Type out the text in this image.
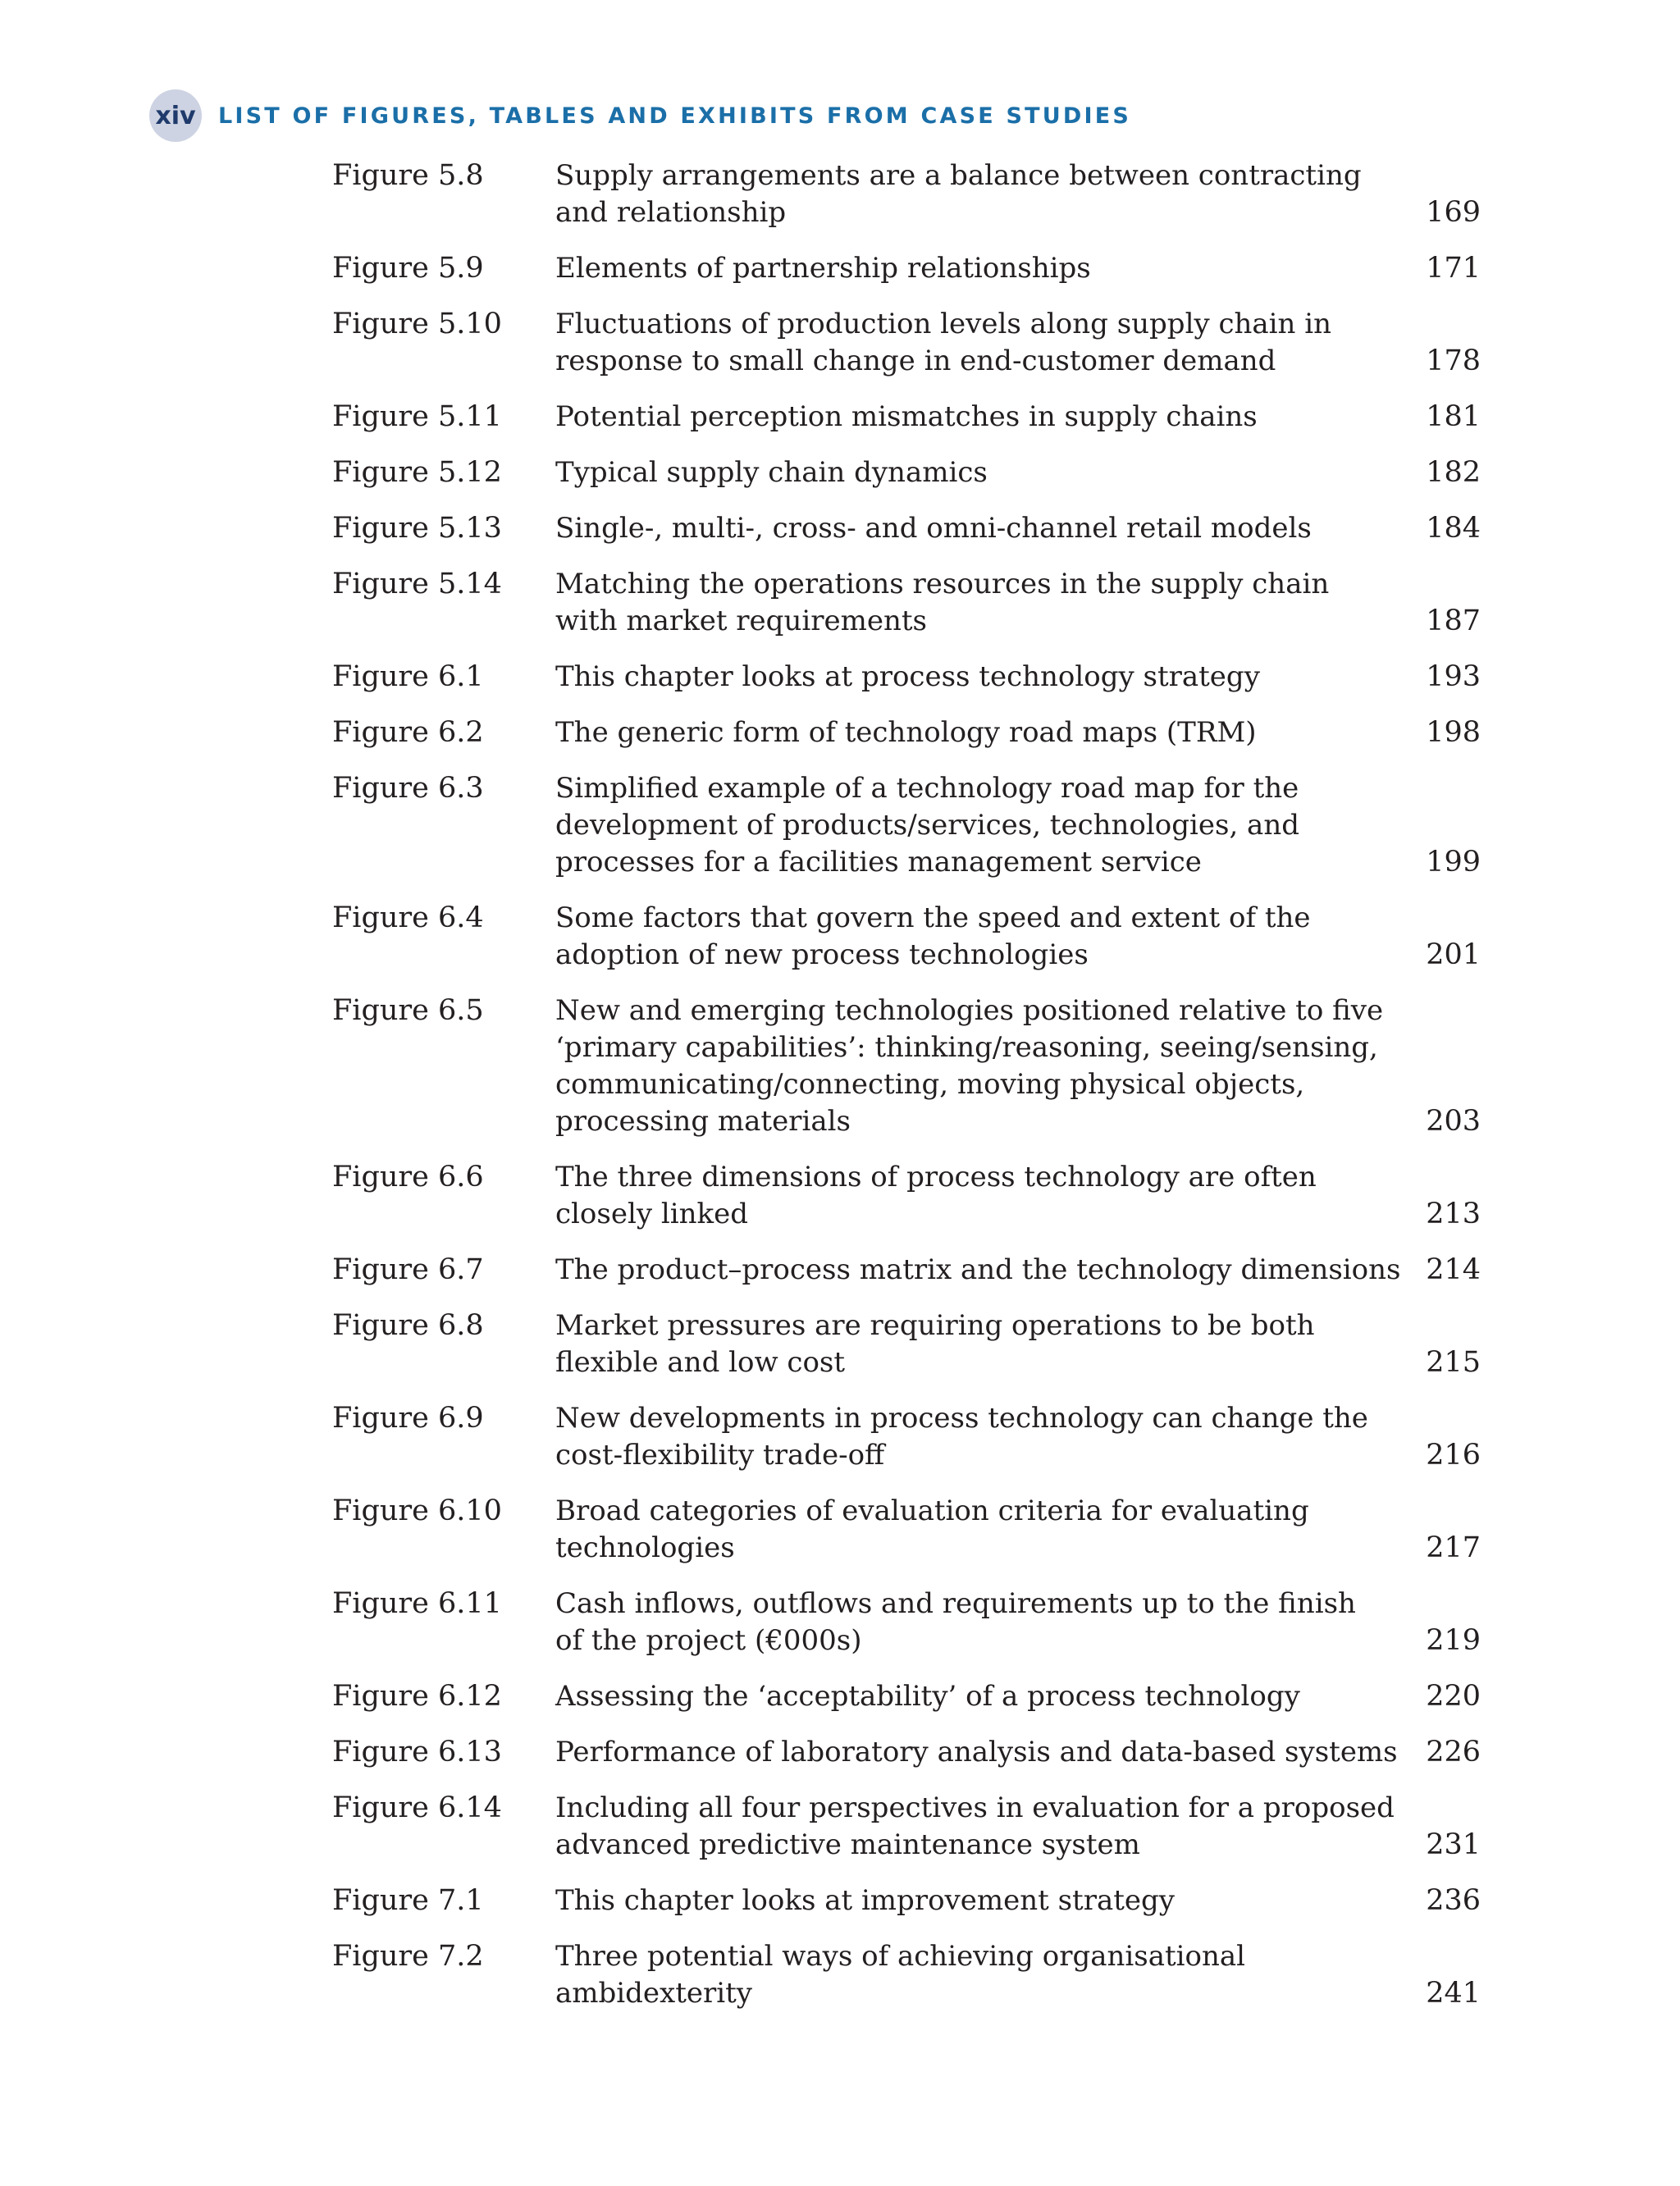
xiv LIST OF FIGURES, TABLES AND EXHIBITS FROM CASE STUDIES
Figure 5.8	Supply arrangements are a balance between contracting
and relationship	169
Figure 5.9	Elements of partnership relationships	171
Figure 5.10 Fluctuations of production levels along supply chain in
response to small change in end-customer demand	178
Figure 5.11 Potential perception mismatches in supply chains	181
Figure 5.12 Typical supply chain dynamics	182
Figure 5.13 Single-, multi-, cross- and omni-channel retail models	184
Figure 5.14 Matching the operations resources in the supply chain
with market requirements	187
Figure 6.1	This chapter looks at process technology strategy	193
Figure 6.2	The generic form of technology road maps (TRM)	198
Figure 6.3	Simplified example of a technology road map for the
development of products/services, technologies, and
processes for a facilities management service	199
Figure 6.4	Some factors that govern the speed and extent of the
adoption of new process technologies	201
Figure 6.5	New and emerging technologies positioned relative to five
‘primary capabilities’: thinking/reasoning, seeing/sensing,
communicating/connecting, moving physical objects,
processing materials	203
Figure 6.6	The three dimensions of process technology are often
closely linked	213
Figure 6.7	The product–process matrix and the technology dimensions 214
Figure 6.8	Market pressures are requiring operations to be both
flexible and low cost	215
Figure 6.9	New developments in process technology can change the
cost-flexibility trade-off	216
Figure 6.10 Broad categories of evaluation criteria for evaluating
technologies	217
Figure 6.11 Cash inflows, outflows and requirements up to the finish
of the project (€000s)	219
Figure 6.12 Assessing the ‘acceptability’ of a process technology	220
Figure 6.13 Performance of laboratory analysis and data-based systems 226
Figure 6.14 Including all four perspectives in evaluation for a proposed
advanced predictive maintenance system	231
Figure 7.1	This chapter looks at improvement strategy	236
Figure 7.2	Three potential ways of achieving organisational ambidexterity	241
